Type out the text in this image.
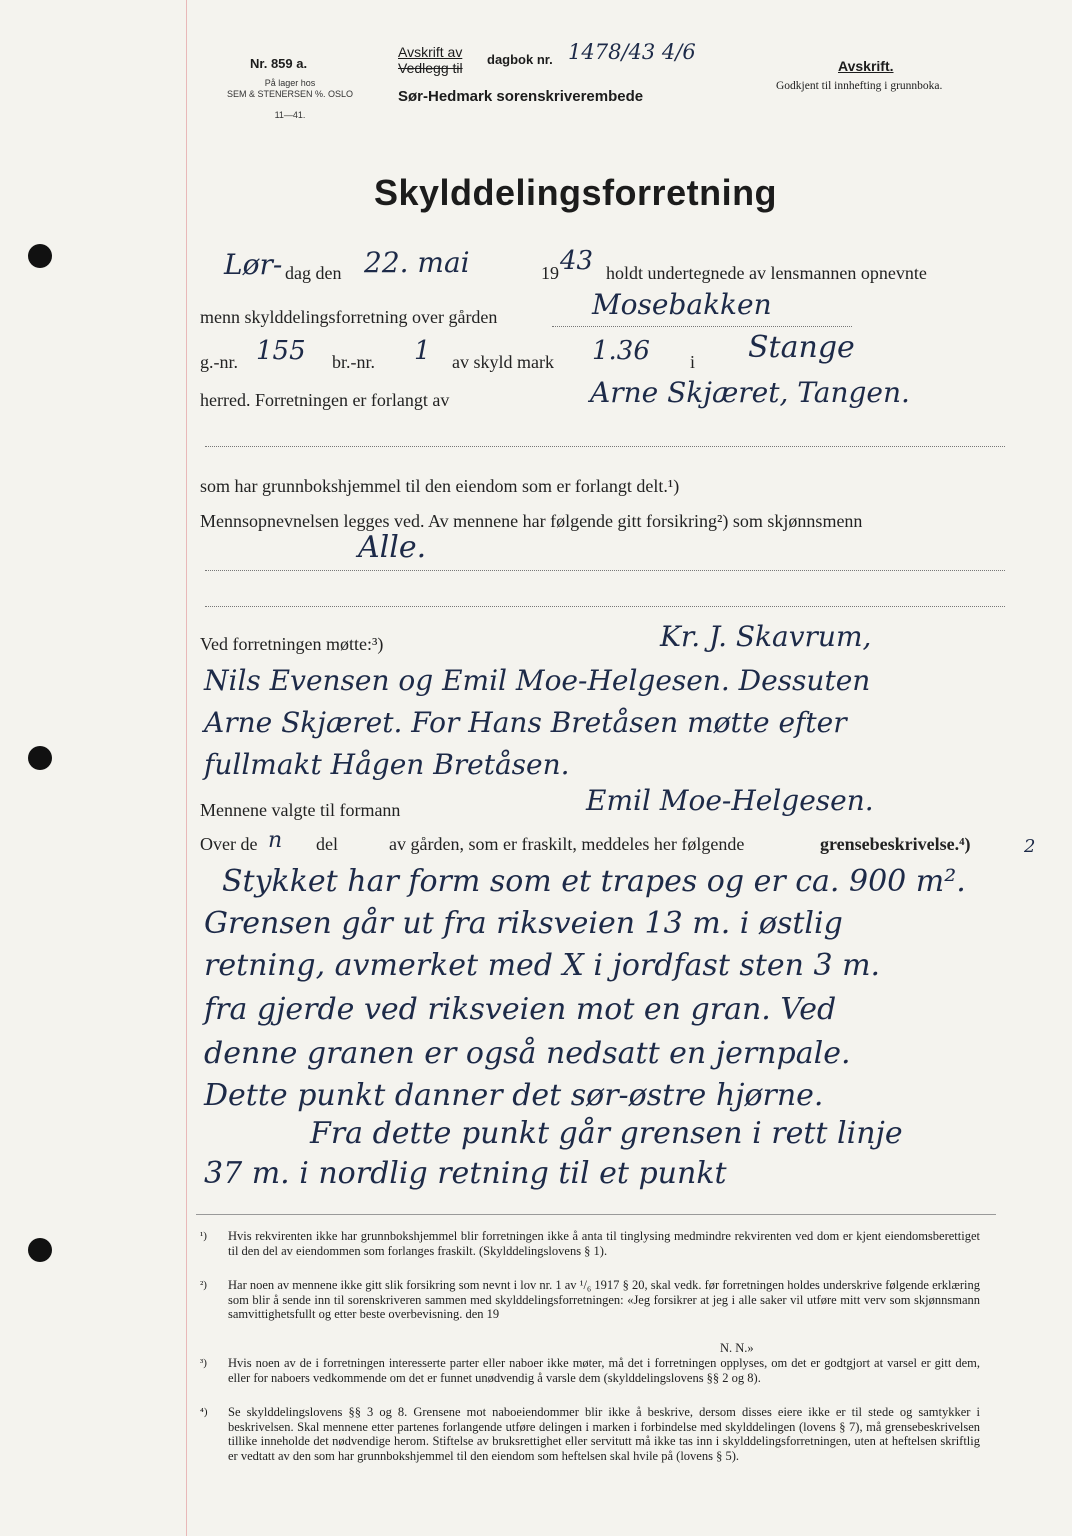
Nr. 859 a.
På lager hos
SEM & STENERSEN %. OSLO
11—41.
Avskrift av
Vedlegg til
dagbok nr. 1478/43 4/6
Sør-Hedmark sorenskriverembede
Avskrift.
Godkjent til innhefting i grunnboka.
Skylddelingsforretning
Lør- dag den 22. mai	19 43 holdt undertegnede av lensmannen opnevnte
menn skylddelingsforretning over gården	Mosebakken
g.-nr. 155 br.-nr. 1 av skyld mark 1.36 i Stange
herred. Forretningen er forlangt av	Arne Skjæret, Tangen.
som har grunnbokshjemmel til den eiendom som er forlangt delt.¹)
Mennsopnevnelsen legges ved. Av mennene har følgende gitt forsikring²) som skjønnsmenn
Alle.
Ved forretningen møtte:³)	Kr. J. Skavrum,
Nils Evensen og Emil Moe-Helgesen. Dessuten
Arne Skjæret. For Hans Bretåsen møtte efter
fullmakt Hågen Bretåsen.
Mennene valgte til formann	Emil Moe-Helgesen.
Over de n del	av gården, som er fraskilt, meddeles her følgende	grensebeskrivelse.⁴)	2
Stykket har form som et trapes og er ca. 900 m².
Grensen går ut fra riksveien 13 m. i østlig
retning, avmerket med X i jordfast sten 3 m.
fra gjerde ved riksveien mot en gran. Ved
denne granen er også nedsatt en jernpale.
Dette punkt danner det sør-østre hjørne.
Fra dette punkt går grensen i rett linje
37 m. i nordlig retning til et punkt
¹) Hvis rekvirenten ikke har grunnbokshjemmel blir forretningen ikke å anta til tinglysing medmindre rekvirenten ved dom er kjent eiendomsberettiget til den del av eiendommen som forlanges fraskilt. (Skylddelingslovens § 1).
²) Har noen av mennene ikke gitt slik forsikring som nevnt i lov nr. 1 av ¹/₆ 1917 § 20, skal vedk. før forretningen holdes underskrive følgende erklæring som blir å sende inn til sorenskriveren sammen med skylddelingsforretningen: «Jeg forsikrer at jeg i alle saker vil utføre mitt verv som skjønnsmann samvittighetsfullt og etter beste overbevisning. den 19
N. N.»
³) Hvis noen av de i forretningen interesserte parter eller naboer ikke møter, må det i forretningen opplyses, om det er godtgjort at varsel er gitt dem, eller for naboers vedkommende om det er funnet unødvendig å varsle dem (skylddelingslovens §§ 2 og 8).
⁴) Se skylddelingslovens §§ 3 og 8. Grensene mot naboeiendommer blir ikke å beskrive, dersom disses eiere ikke er til stede og samtykker i beskrivelsen. Skal mennene etter partenes forlangende utføre delingen i marken i forbindelse med skylddelingen (lovens § 7), må grensebeskrivelsen tillike inneholde det nødvendige herom. Stiftelse av bruksrettighet eller servitutt må ikke tas inn i skylddelingsforretningen, uten at heftelsen skriftlig er vedtatt av den som har grunnbokshjemmel til den eiendom som heftelsen skal hvile på (lovens § 5).
